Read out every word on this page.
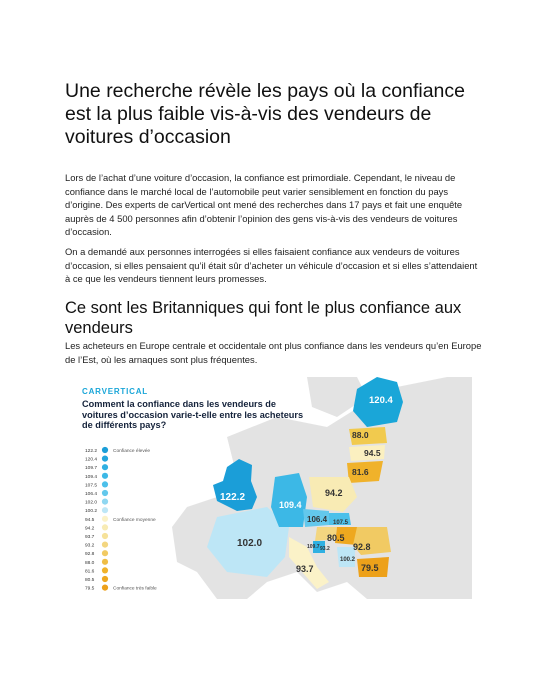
Une recherche révèle les pays où la confiance est la plus faible vis-à-vis des vendeurs de voitures d’occasion

Lors de l’achat d’une voiture d’occasion, la confiance est primordiale. Cependant, le niveau de confiance dans le marché local de l’automobile peut varier sensiblement en fonction du pays d’origine. Des experts de carVertical ont mené des recherches dans 17 pays et fait une enquête auprès de 4 500 personnes afin d’obtenir l’opinion des gens vis-à-vis des vendeurs de voitures d’occasion.

On a demandé aux personnes interrogées si elles faisaient confiance aux vendeurs de voitures d’occasion, si elles pensaient qu’il était sûr d’acheter un véhicule d’occasion et si elles s’attendaient à ce que les vendeurs tiennent leurs promesses.

Ce sont les Britanniques qui font le plus confiance aux vendeurs

Les acheteurs en Europe centrale et occidentale ont plus confiance dans les vendeurs qu’en Europe de l’Est, où les arnaques sont plus fréquentes.

120.4
88.0
94.5
81.6
122.2	94.2
109.4
106.4 107.5
102.0	80.5
92.8
109.7 93.2
100.2
93.7	79.5
CARVERTICAL
Comment la confiance dans les vendeurs de voitures d’occasion varie-t-elle entre les acheteurs de différents pays?
122.2
120.4
109.7
109.4
107.5
106.4
102.0
100.2
94.5
94.2
93.7
93.2
92.8
88.0
81.6
80.5
79.5
Confiance élevée
Confiance moyenne
Confiance très faible
